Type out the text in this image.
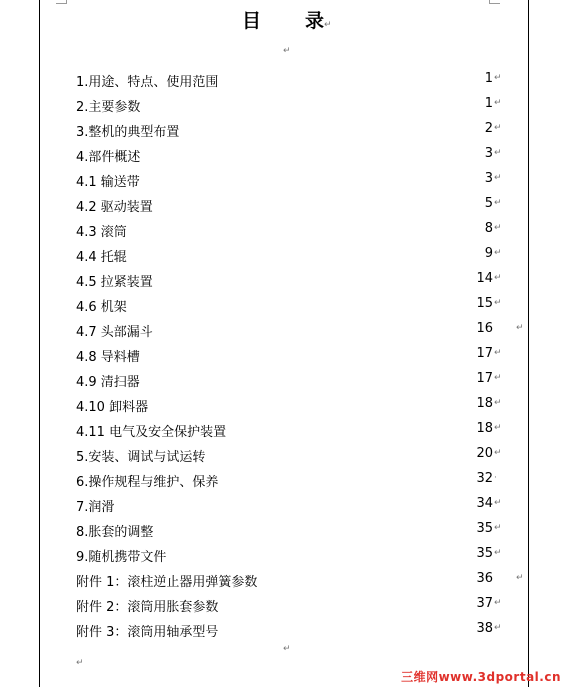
目 录↵
↵
1.用途、特点、使用范围	1 ↵
2.主要参数	1 ↵
3.整机的典型布置	2 ↵
4.部件概述	3 ↵
4.1 输送带	3 ↵
4.2 驱动装置	5 ↵
4.3 滚筒	8 ↵
4.4 托辊	9 ↵
4.5 拉紧装置	14 ↵
4.6 机架	15 ↵
4.7 头部漏斗	16	↵
4.8 导料槽	17 ↵
4.9 清扫器	17 ↵
4.10 卸料器	18 ↵
4.11 电气及安全保护装置	18 ↵
5.安装、调试与试运转	20 ↵
6.操作规程与维护、保养	32 ·
7.润滑	34 ↵
8.胀套的调整	35 ↵
9.随机携带文件	35 ↵
附件 1：滚柱逆止器用弹簧参数	36	↵
附件 2：滚筒用胀套参数	37 ↵
附件 3：滚筒用轴承型号	38 ↵
↵
↵
三维网www.3dportal.cn
